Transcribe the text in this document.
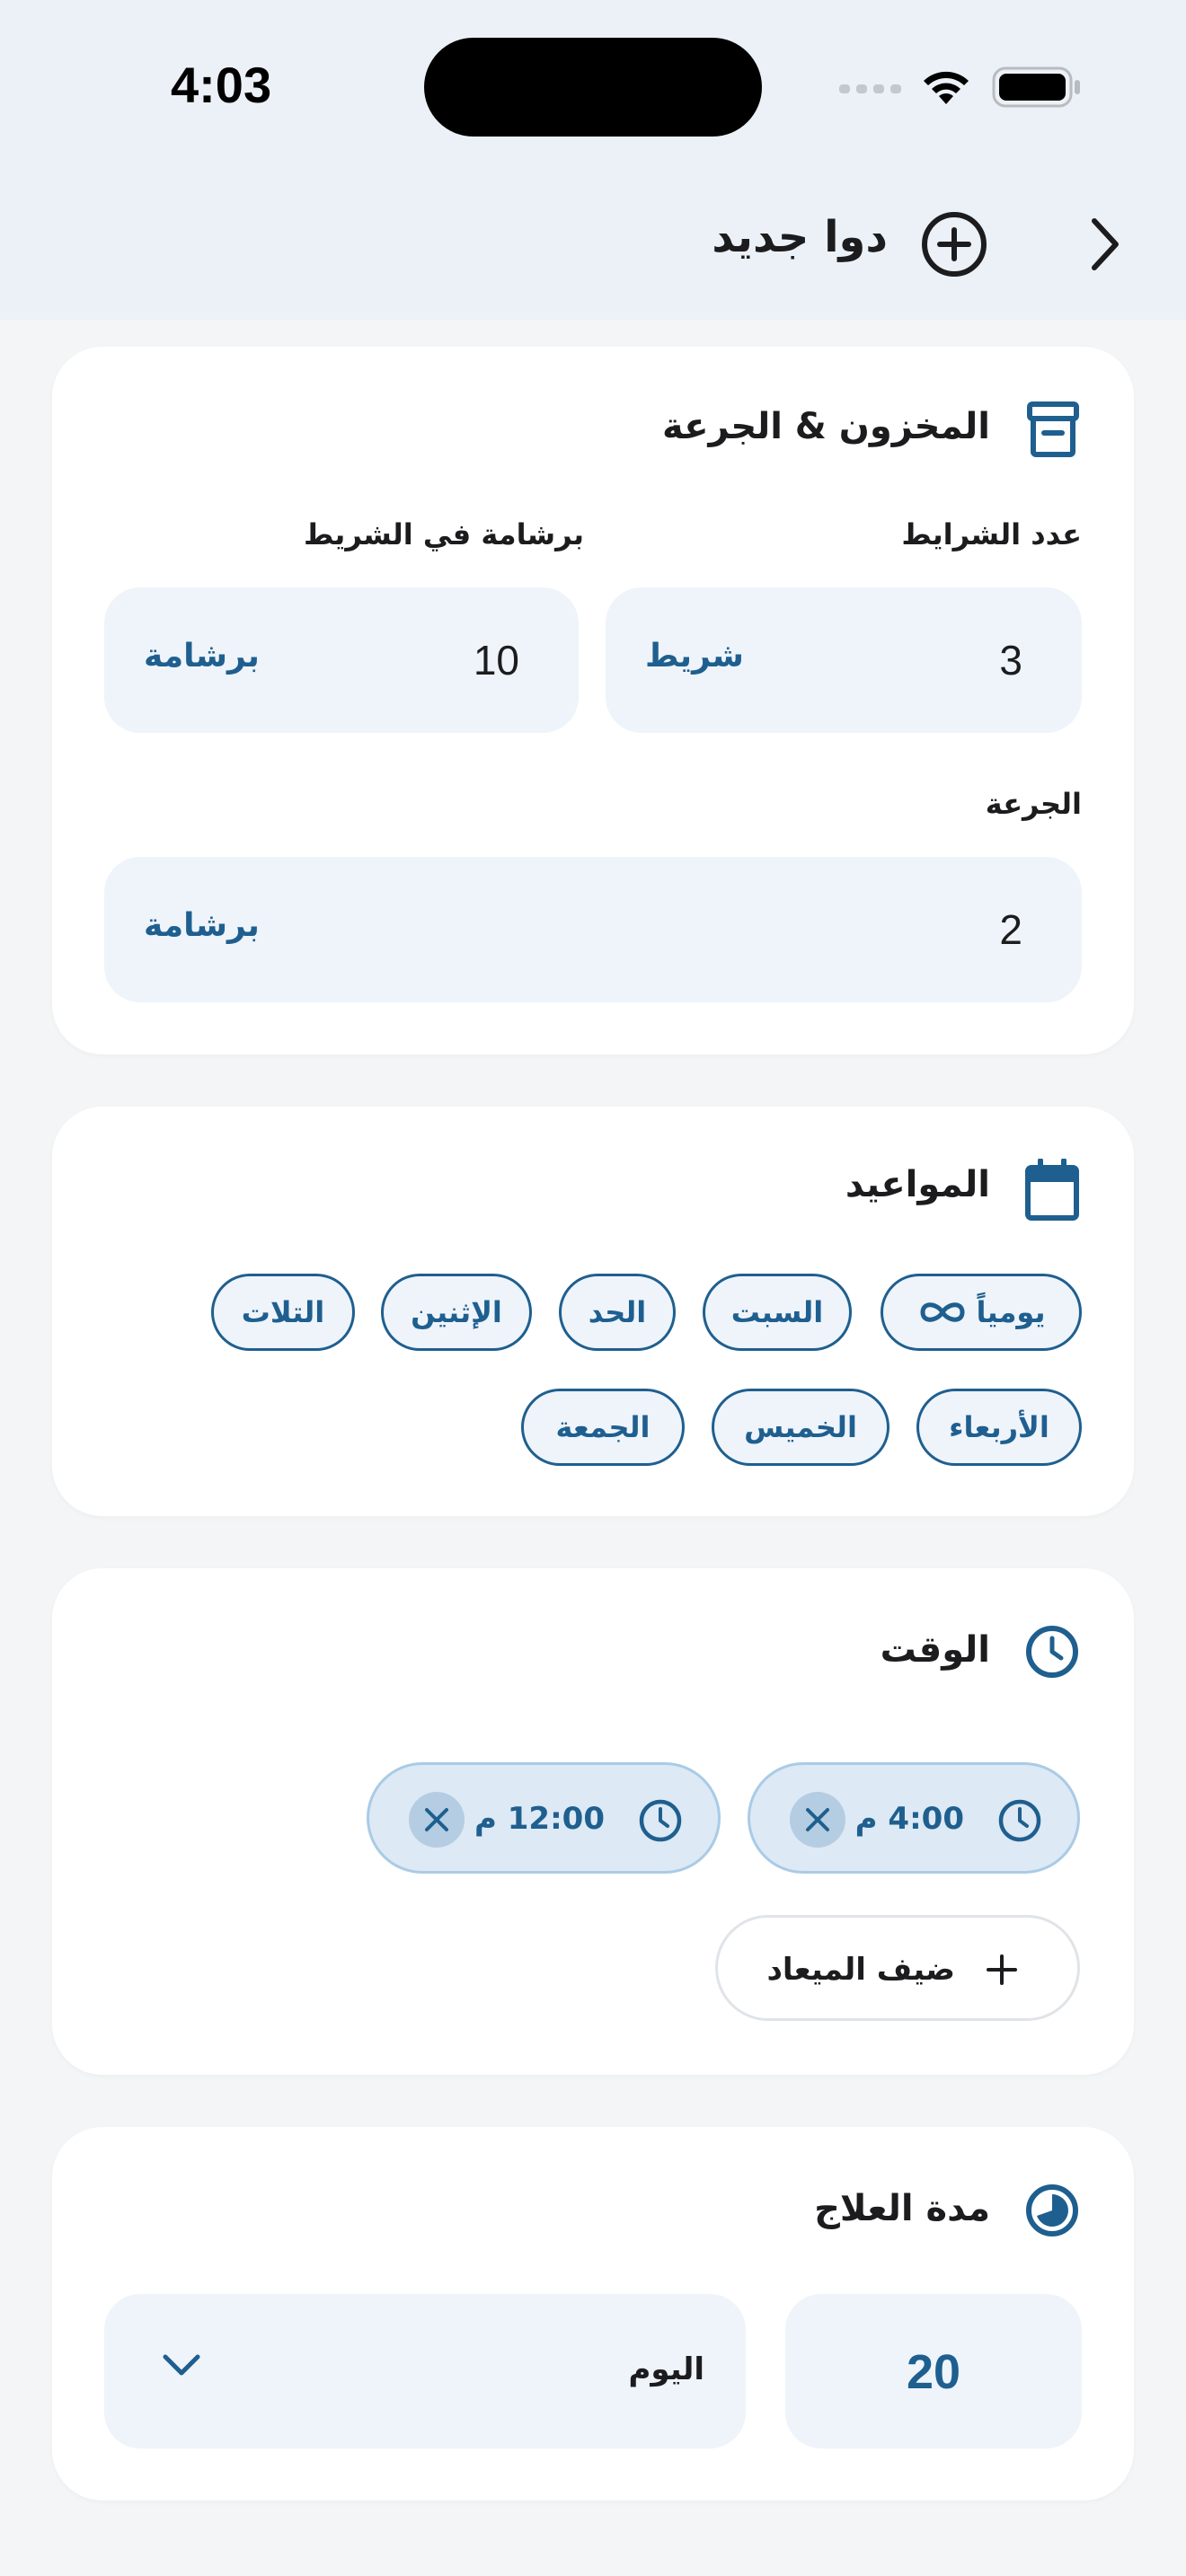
4:03
دوا جديد
المخزون & الجرعة
عدد الشرايط
برشامة في الشريط
3
شريط
10
برشامة
الجرعة
2
برشامة
المواعيد
يومياً
السبت
الحد
الإثنين
التلات
الأربعاء
الخميس
الجمعة
الوقت
4:00 م
12:00 م
ضيف الميعاد
مدة العلاج
20
اليوم
